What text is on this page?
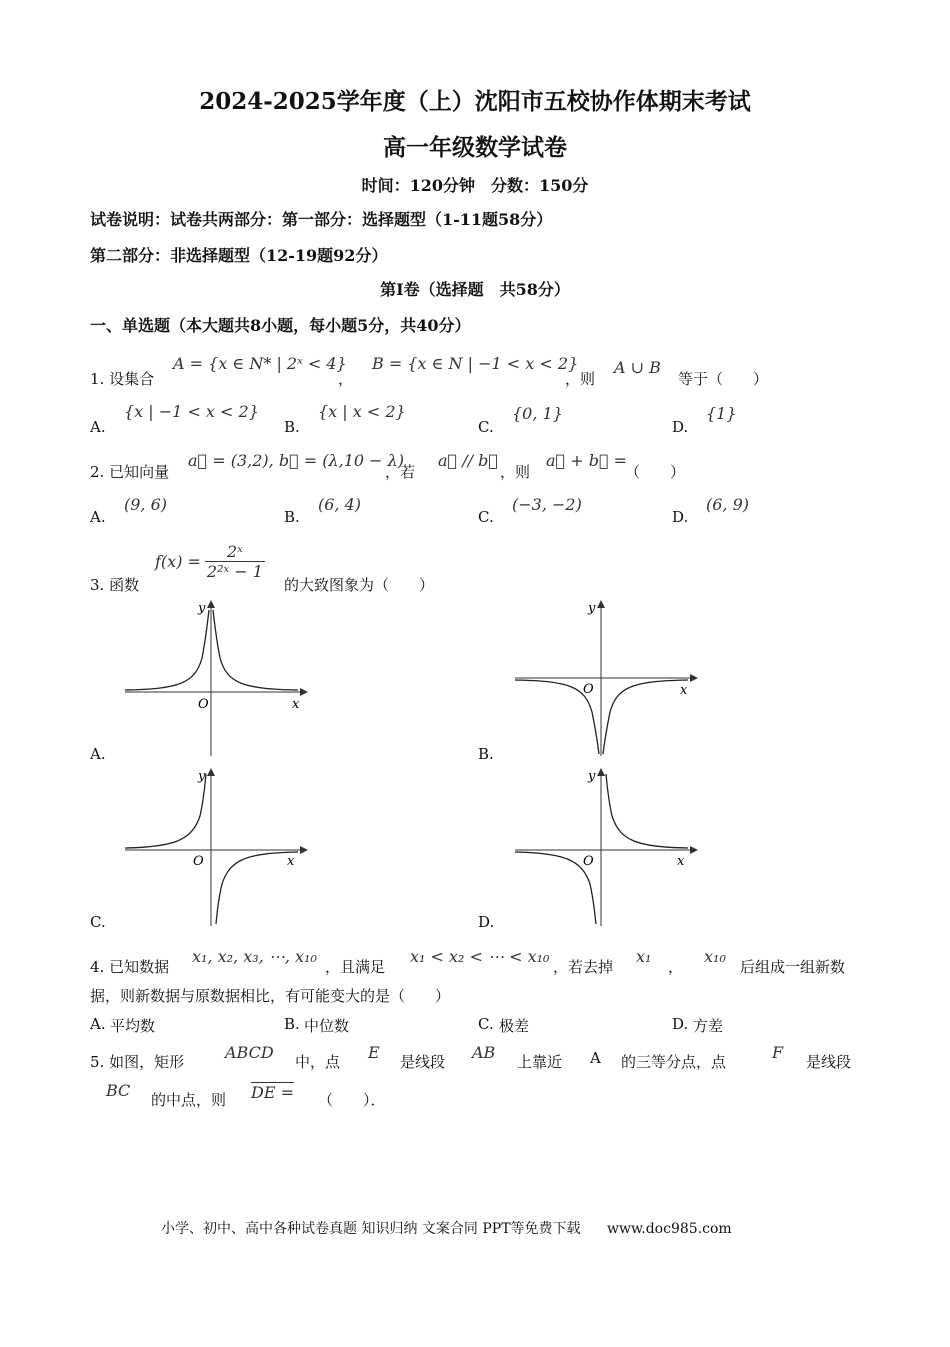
2024-2025学年度（上）沈阳市五校协作体期末考试
高一年级数学试卷
时间：120分钟　分数：150分
试卷说明：试卷共两部分：第一部分：选择题型（1-11题58分）
第二部分：非选择题型（12-19题92分）
第Ⅰ卷（选择题　共58分）
一、单选题（本大题共8小题，每小题5分，共40分）
1. 设集合
A = {x ∈ N* | 2ˣ < 4}
，
B = {x ∈ N | −1 < x < 2}
，则
A ∪ B
等于（　　）
A.
{x | −1 < x < 2}
B.
{x | x < 2}
C.
{0, 1}
D.
{1}
2. 已知向量
a⃗ = (3,2), b⃗ = (λ,10 − λ)
，若
a⃗ // b⃗
，则
a⃗ + b⃗ =
（　　）
A.
(9, 6)
B.
(6, 4)
C.
(−3, −2)
D.
(6, 9)
3. 函数
$f(x) = \frac{\text{2ˣ}}{\text{2²ˣ − 1}}$
的大致图象为（　　）
O	x
y
A.
O	x
y
B.
O	x
y
C.
O	x
y
D.
4. 已知数据
x₁, x₂, x₃, ⋯, x₁₀
，且满足
x₁ < x₂ < ⋯ < x₁₀
，若去掉
x₁
，
x₁₀
后组成一组新数
据，则新数据与原数据相比，有可能变大的是（　　）
A. 平均数	B. 中位数	C. 极差	D. 方差
5. 如图，矩形	ABCD 中，点 E 是线段 AB 上靠近 A 的三等分点，点	F 是线段
BC 的中点，则 DE = （　　）．
小学、初中、高中各种试卷真题 知识归纳 文案合同 PPT等免费下载 www.doc985.com
